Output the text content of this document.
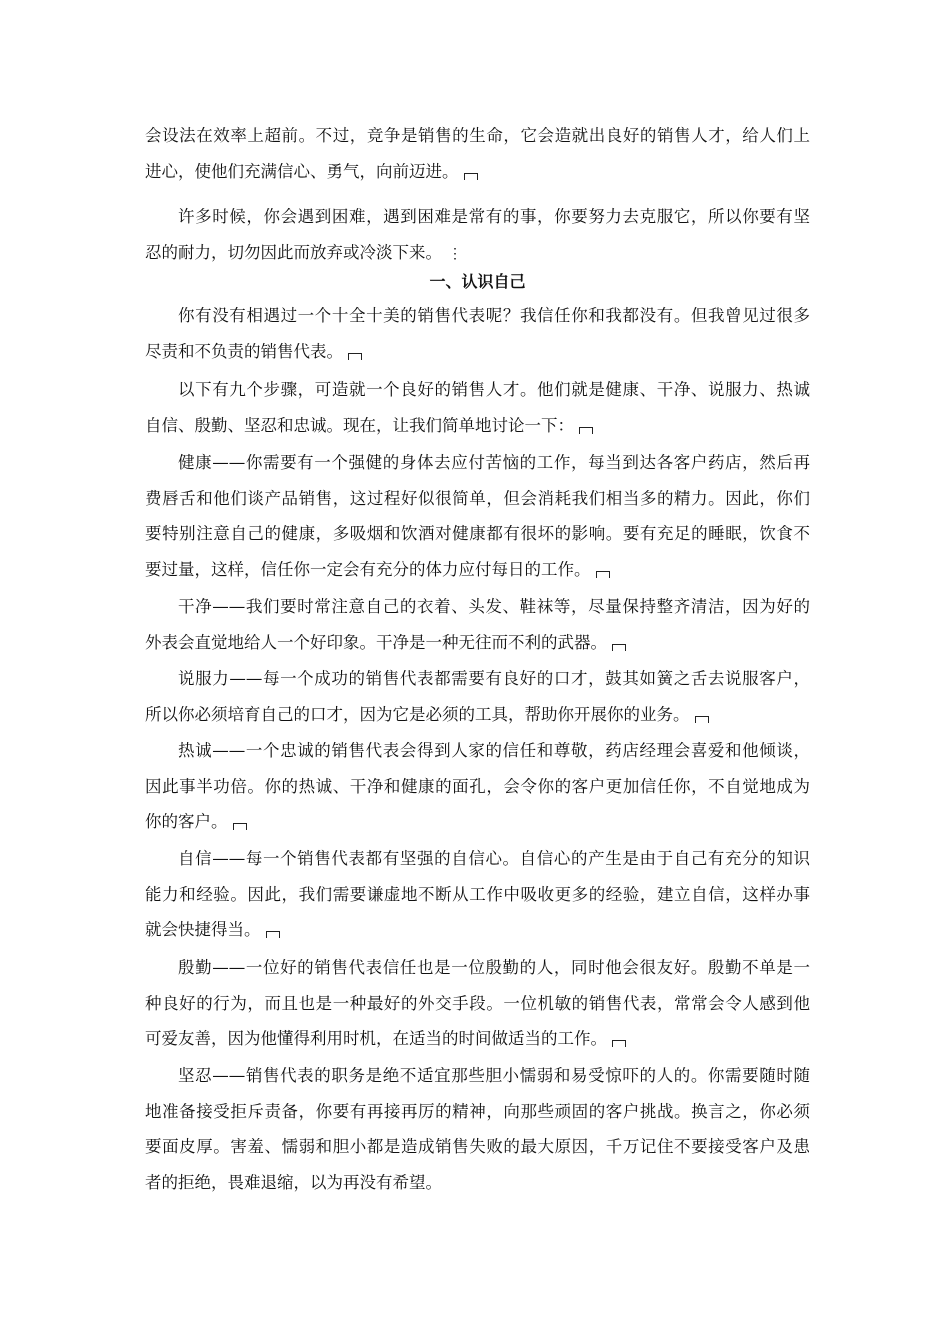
会设法在效率上超前。不过，竞争是销售的生命，它会造就出良好的销售人才，给人们上
进心，使他们充满信心、勇气，向前迈进。
许多时候，你会遇到困难，遇到困难是常有的事，你要努力去克服它，所以你要有坚
忍的耐力，切勿因此而放弃或冷淡下来。 ⋮
一、认识自己
你有没有相遇过一个十全十美的销售代表呢？我信任你和我都没有。但我曾见过很多
尽责和不负责的销售代表。
以下有九个步骤，可造就一个良好的销售人才。他们就是健康、干净、说服力、热诚
自信、殷勤、坚忍和忠诚。现在，让我们简单地讨论一下：
健康——你需要有一个强健的身体去应付苦恼的工作，每当到达各客户药店，然后再
费唇舌和他们谈产品销售，这过程好似很简单，但会消耗我们相当多的精力。因此，你们
要特别注意自己的健康，多吸烟和饮酒对健康都有很坏的影响。要有充足的睡眠，饮食不
要过量，这样，信任你一定会有充分的体力应付每日的工作。
干净——我们要时常注意自己的衣着、头发、鞋袜等，尽量保持整齐清洁，因为好的
外表会直觉地给人一个好印象。干净是一种无往而不利的武器。
说服力——每一个成功的销售代表都需要有良好的口才，鼓其如簧之舌去说服客户，
所以你必须培育自己的口才，因为它是必须的工具，帮助你开展你的业务。
热诚——一个忠诚的销售代表会得到人家的信任和尊敬，药店经理会喜爱和他倾谈，
因此事半功倍。你的热诚、干净和健康的面孔，会令你的客户更加信任你，不自觉地成为
你的客户。
自信——每一个销售代表都有坚强的自信心。自信心的产生是由于自己有充分的知识
能力和经验。因此，我们需要谦虚地不断从工作中吸收更多的经验，建立自信，这样办事
就会快捷得当。
殷勤——一位好的销售代表信任也是一位殷勤的人，同时他会很友好。殷勤不单是一
种良好的行为，而且也是一种最好的外交手段。一位机敏的销售代表，常常会令人感到他
可爱友善，因为他懂得利用时机，在适当的时间做适当的工作。
坚忍——销售代表的职务是绝不适宜那些胆小懦弱和易受惊吓的人的。你需要随时随
地准备接受拒斥责备，你要有再接再厉的精神，向那些顽固的客户挑战。换言之，你必须
要面皮厚。害羞、懦弱和胆小都是造成销售失败的最大原因，千万记住不要接受客户及患
者的拒绝，畏难退缩，以为再没有希望。
